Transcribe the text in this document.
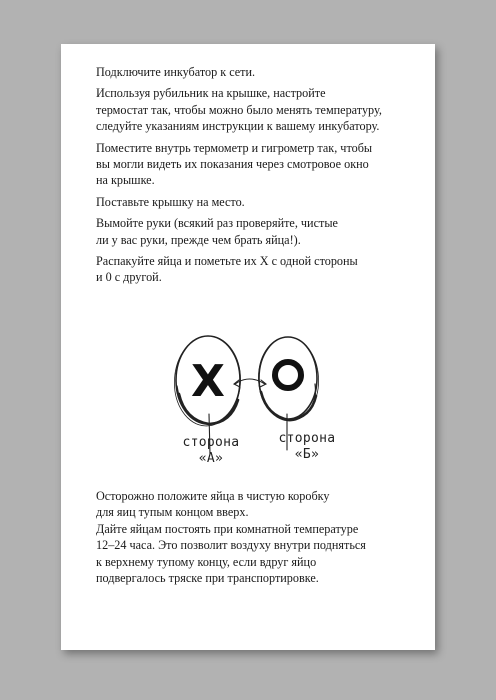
Подключите инкубатор к сети.

Используя рубильник на крышке, настройте
термостат так, чтобы можно было менять температуру,
следуйте указаниям инструкции к вашему инкубатору.

Поместите внутрь термометр и гигрометр так, чтобы
вы могли видеть их показания через смотровое окно
на крышке.

Поставьте крышку на место.

Вымойте руки (всякий раз проверяйте, чистые
ли у вас руки, прежде чем брать яйца!).

Распакуйте яйца и пометьте их X с одной стороны
и 0 с другой.

X
сторона
«А»
сторона
«Б»

Осторожно положите яйца в чистую коробку
для яиц тупым концом вверх.

Дайте яйцам постоять при комнатной температуре
12–24 часа. Это позволит воздуху внутри подняться
к верхнему тупому концу, если вдруг яйцо
подвергалось тряске при транспортировке.
